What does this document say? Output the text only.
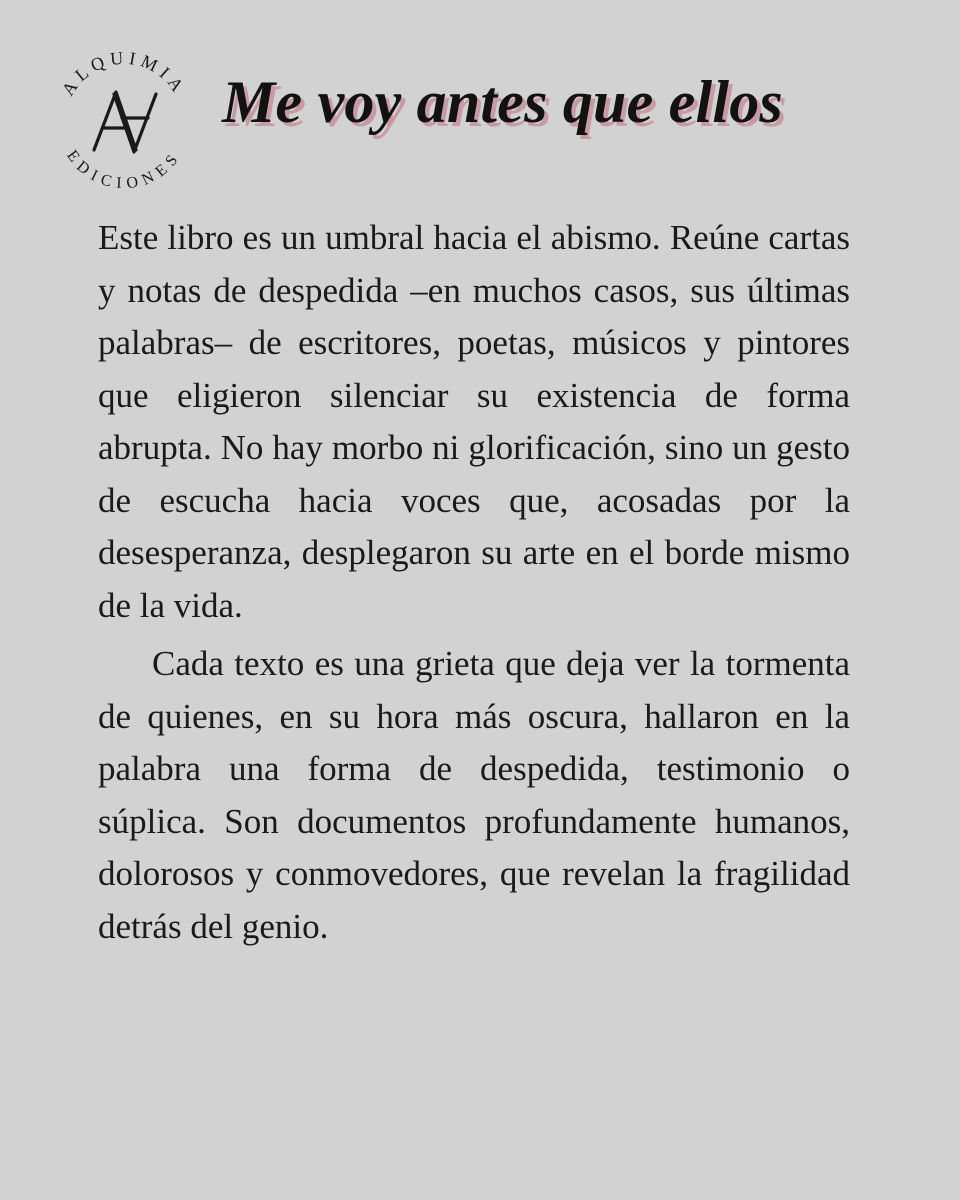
ALQUIMIA
EDICIONES
Me voy antes que ellos

Este libro es un umbral hacia el abismo. Reúne cartas y notas de despedida –en muchos casos, sus últimas palabras– de escritores, poetas, músicos y pintores que eligieron silenciar su existencia de forma abrupta. No hay morbo ni glorificación, sino un gesto de escucha hacia voces que, acosadas por la desesperanza, desplegaron su arte en el borde mismo de la vida.

Cada texto es una grieta que deja ver la tormenta de quienes, en su hora más oscura, hallaron en la palabra una forma de despedida, testimonio o súplica. Son documentos profundamente humanos, dolorosos y conmovedores, que revelan la fragilidad detrás del genio.
